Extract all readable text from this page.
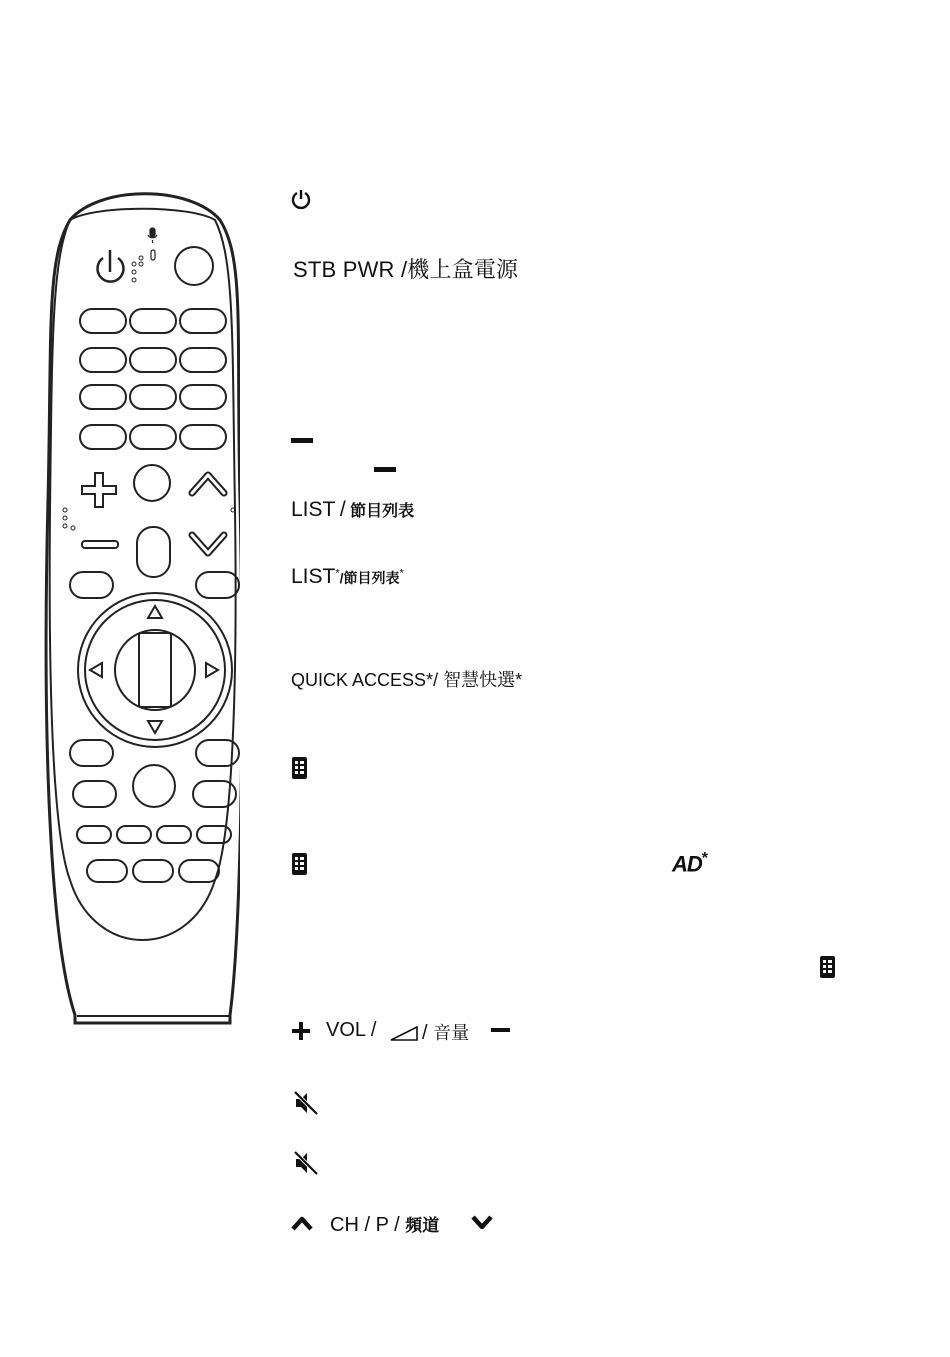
STB PWR /機上盒電源
LIST / 節目列表
LIST*/節目列表*
QUICK ACCESS*/ 智慧快選*
AD*
VOL / / 音量
CH / P / 頻道
